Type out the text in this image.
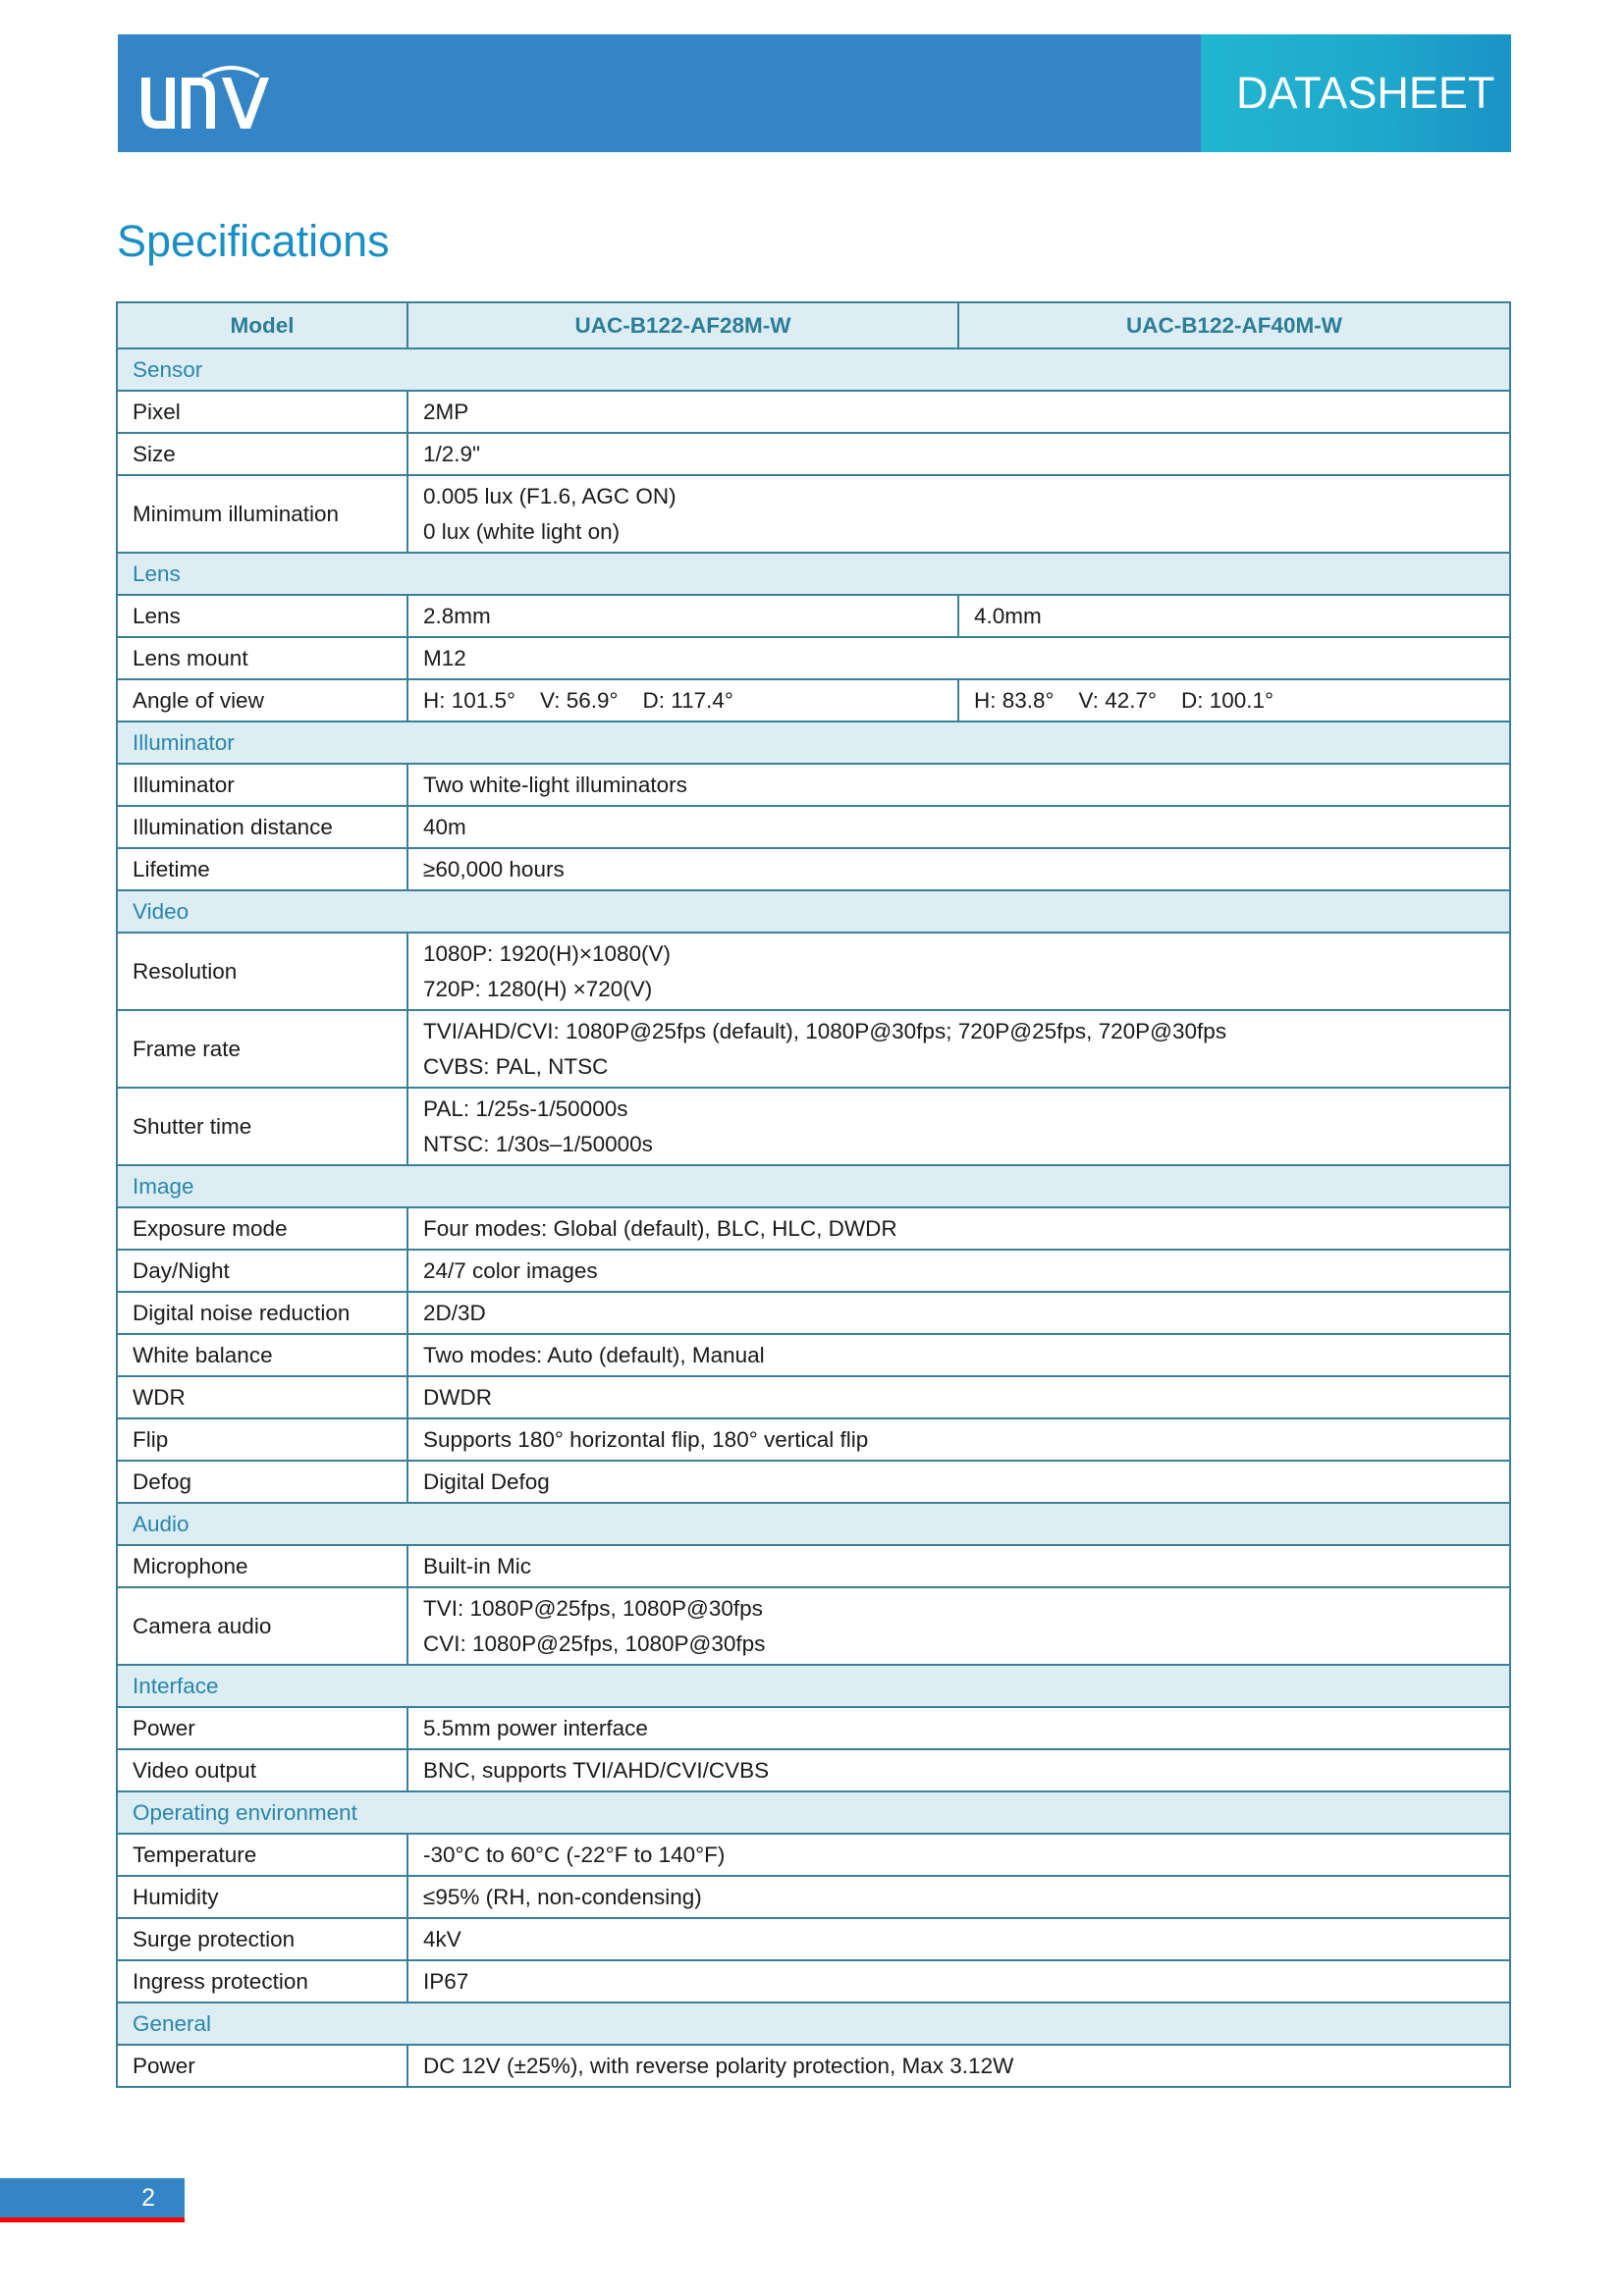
DATASHEET
Specifications
Model	UAC-B122-AF28M-W	UAC-B122-AF40M-W
Sensor		
Pixel	2MP	

Size	1/2.9"	

Minimum illumination	0.005 lux (F1.6, AGC ON)
0 lux (white light on)	

Lens		
Lens	2.8mm	4.0mm
Lens mount	M12	

Angle of view	H: 101.5°    V: 56.9°    D: 117.4°	H: 83.8°    V: 42.7°    D: 100.1°
Illuminator		
Illuminator	Two white-light illuminators	

Illumination distance	40m	

Lifetime	≥60,000 hours	

Video		
Resolution	1080P: 1920(H)×1080(V)
720P: 1280(H) ×720(V)	

Frame rate	TVI/AHD/CVI: 1080P@25fps (default), 1080P@30fps; 720P@25fps, 720P@30fps
CVBS: PAL, NTSC	

Shutter time	PAL: 1/25s-1/50000s
NTSC: 1/30s–1/50000s	

Image		
Exposure mode	Four modes: Global (default), BLC, HLC, DWDR	

Day/Night	24/7 color images	

Digital noise reduction	2D/3D	

White balance	Two modes: Auto (default), Manual	

WDR	DWDR	

Flip	Supports 180° horizontal flip, 180° vertical flip	

Defog	Digital Defog	

Audio		
Microphone	Built-in Mic	

Camera audio	TVI: 1080P@25fps, 1080P@30fps
CVI: 1080P@25fps, 1080P@30fps	

Interface		
Power	5.5mm power interface	

Video output	BNC, supports TVI/AHD/CVI/CVBS	

Operating environment		
Temperature	-30°C to 60°C (-22°F to 140°F)	

Humidity	≤95% (RH, non-condensing)	

Surge protection	4kV	

Ingress protection	IP67	

General		
Power	DC 12V (±25%), with reverse polarity protection, Max 3.12W	
2
